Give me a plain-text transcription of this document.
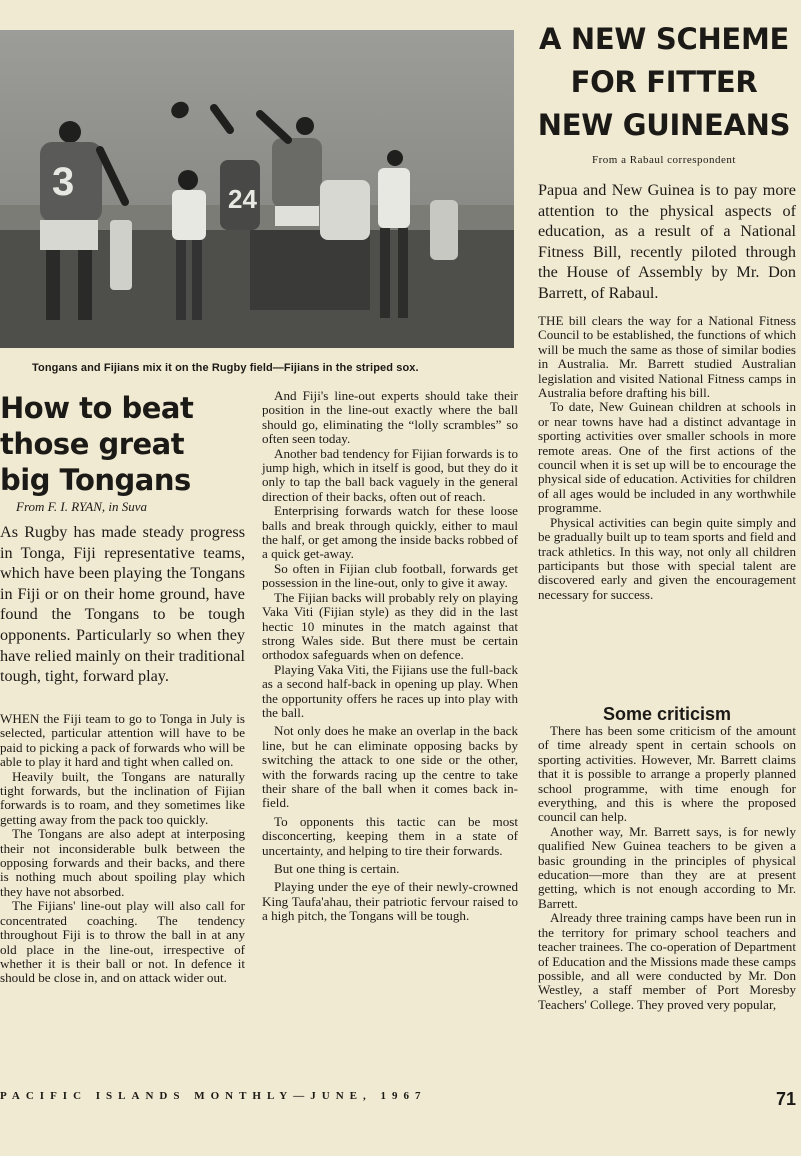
3	24
Tongans and Fijians mix it on the Rugby field—Fijians in the striped sox.
How to beat
those great
big Tongans
From F. I. RYAN, in Suva

As Rugby has made steady progress in Tonga, Fiji representative teams, which have been playing the Tongans in Fiji or on their home ground, have found the Tongans to be tough opponents. Particularly so when they have relied mainly on their traditional tough, tight, forward play.

WHEN the Fiji team to go to Tonga in July is selected, particular attention will have to be paid to picking a pack of forwards who will be able to play it hard and tight when called on.

Heavily built, the Tongans are naturally tight forwards, but the inclination of Fijian forwards is to roam, and they sometimes like getting away from the pack too quickly.

The Tongans are also adept at interposing their not inconsiderable bulk between the opposing forwards and their backs, and there is nothing much about spoiling play which they have not absorbed.

The Fijians' line-out play will also call for concentrated coaching. The tendency throughout Fiji is to throw the ball in at any old place in the line-out, irrespective of whether it is their ball or not. In defence it should be close in, and on attack wider out.

And Fiji's line-out experts should take their position in the line-out exactly where the ball should go, eliminating the “lolly scrambles” so often seen today.

Another bad tendency for Fijian forwards is to jump high, which in itself is good, but they do it only to tap the ball back vaguely in the general direction of their backs, often out of reach.

Enterprising forwards watch for these loose balls and break through quickly, either to maul the half, or get among the inside backs robbed of a quick get-away.

So often in Fijian club football, forwards get possession in the line-out, only to give it away.

The Fijian backs will probably rely on playing Vaka Viti (Fijian style) as they did in the last hectic 10 minutes in the match against that strong Wales side. But there must be certain orthodox safeguards when on defence.

Playing Vaka Viti, the Fijians use the full-back as a second half-back in opening up play. When the opportunity offers he races up into play with the ball.

Not only does he make an overlap in the back line, but he can eliminate opposing backs by switching the attack to one side or the other, with the forwards racing up the centre to take their share of the ball when it comes back in-field.

To opponents this tactic can be most disconcerting, keeping them in a state of uncertainty, and helping to tire their forwards.

But one thing is certain.

Playing under the eye of their newly-crowned King Taufa'ahau, their patriotic fervour raised to a high pitch, the Tongans will be tough.

A NEW SCHEME
FOR FITTER
NEW GUINEANS
From a Rabaul correspondent

Papua and New Guinea is to pay more attention to the physical aspects of education, as a result of a National Fitness Bill, recently piloted through the House of Assembly by Mr. Don Barrett, of Rabaul.

THE bill clears the way for a National Fitness Council to be established, the functions of which will be much the same as those of similar bodies in Australia. Mr. Barrett studied Australian legislation and visited National Fitness camps in Australia before drafting his bill.

To date, New Guinean children at schools in or near towns have had a distinct advantage in sporting activities over smaller schools in more remote areas. One of the first actions of the council when it is set up will be to encourage the physical side of education. Activities for children of all ages would be included in any worthwhile programme.

Physical activities can begin quite simply and be gradually built up to team sports and field and track athletics. In this way, not only all children participants but those with special talent are discovered early and given the encouragement necessary for success.

Some criticism

There has been some criticism of the amount of time already spent in certain schools on sporting activities. However, Mr. Barrett claims that it is possible to arrange a properly planned school programme, with time enough for everything, and this is where the proposed council can help.

Another way, Mr. Barrett says, is for newly qualified New Guinea teachers to be given a basic grounding in the principles of physical education—more than they are at present getting, which is not enough according to Mr. Barrett.

Already three training camps have been run in the territory for primary school teachers and teacher trainees. The co-operation of Department of Education and the Missions made these camps possible, and all were conducted by Mr. Don Westley, a staff member of Port Moresby Teachers' College. They proved very popular,

PACIFIC ISLANDS MONTHLY—JUNE, 1967	71
